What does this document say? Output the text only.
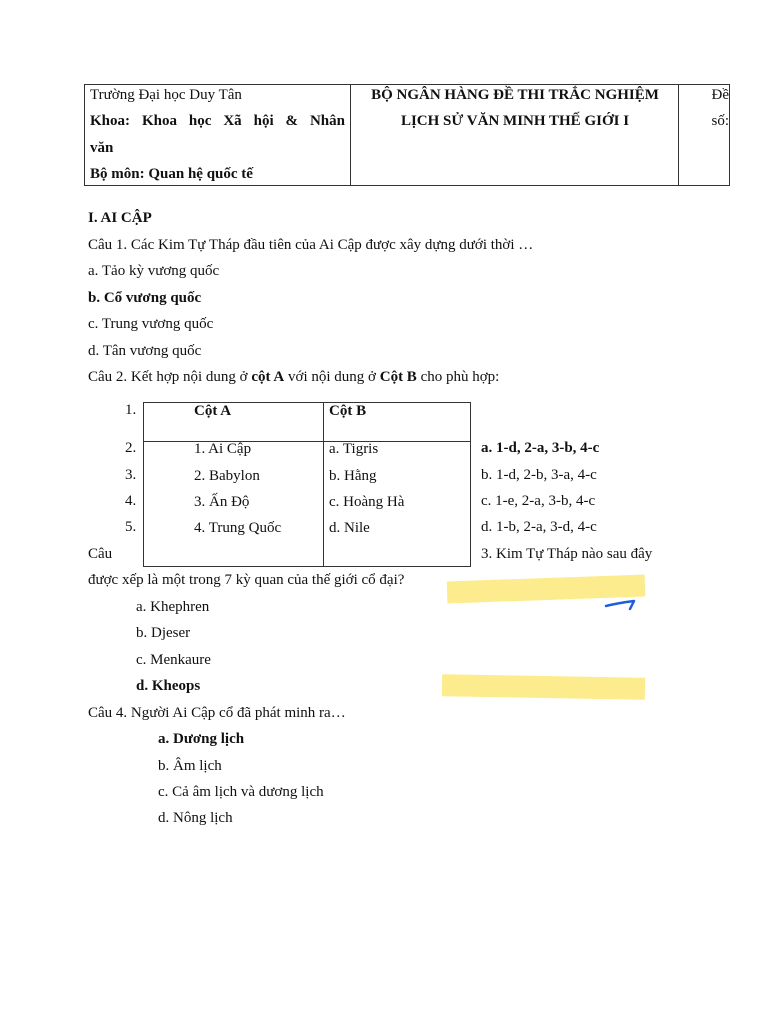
Trường Đại học Duy Tân
Khoa: Khoa học Xã hội & Nhân
văn
Bộ môn: Quan hệ quốc tế
BỘ NGÂN HÀNG ĐỀ THI TRẮC NGHIỆM
LỊCH SỬ VĂN MINH THẾ GIỚI I
Đề
số:
I. AI CẬP
Câu 1. Các Kim Tự Tháp đầu tiên của Ai Cập được xây dựng dưới thời …
a. Tảo kỳ vương quốc
b. Cổ vương quốc
c. Trung vương quốc
d. Tân vương quốc
Câu 2. Kết hợp nội dung ở cột A với nội dung ở Cột B cho phù hợp:
1.
2.
3.
4.
5.
Cột A	Cột B
1. Ai Cập
2. Babylon
3. Ấn Độ
4. Trung Quốc
a. Tigris
b. Hằng
c. Hoàng Hà
d. Nile
a. 1-d, 2-a, 3-b, 4-c
b. 1-d, 2-b, 3-a, 4-c
c. 1-e, 2-a, 3-b, 4-c
d. 1-b, 2-a, 3-d, 4-c
Câu	3. Kim Tự Tháp nào sau đây
được xếp là một trong 7 kỳ quan của thế giới cổ đại?
a. Khephren
b. Djeser
c. Menkaure
d. Kheops
Câu 4. Người Ai Cập cổ đã phát minh ra…
a. Dương lịch
b. Âm lịch
c. Cả âm lịch và dương lịch
d. Nông lịch
